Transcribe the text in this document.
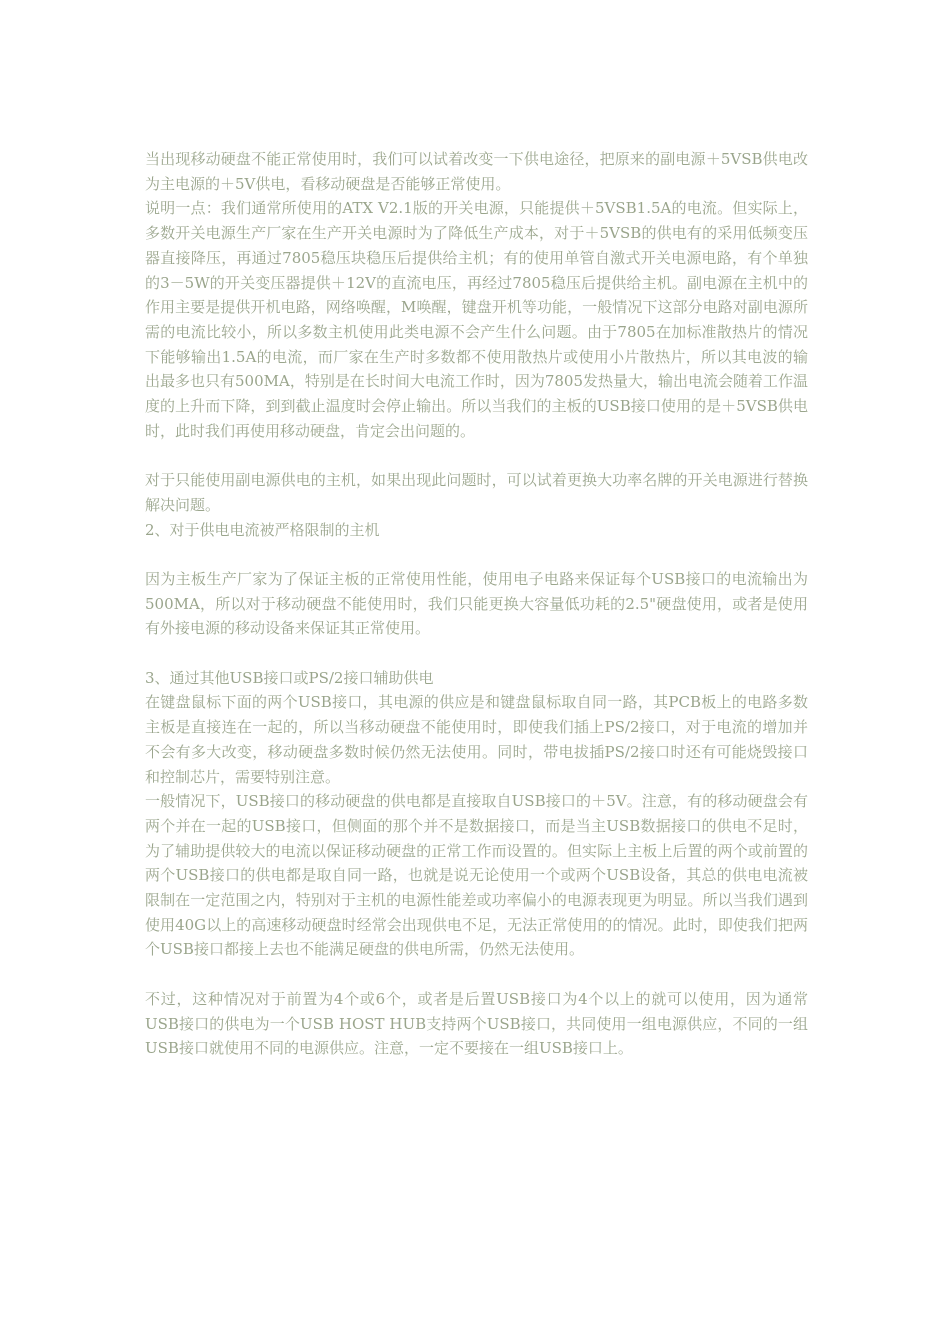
当出现移动硬盘不能正常使用时，我们可以试着改变一下供电途径，把原来的副电源＋5VSB供电改为主电源的＋5V供电，看移动硬盘是否能够正常使用。

说明一点：我们通常所使用的ATX V2.1版的开关电源，只能提供＋5VSB1.5A的电流。但实际上，多数开关电源生产厂家在生产开关电源时为了降低生产成本，对于＋5VSB的供电有的采用低频变压器直接降压，再通过7805稳压块稳压后提供给主机；有的使用单管自激式开关电源电路，有个单独的3－5W的开关变压器提供＋12V的直流电压，再经过7805稳压后提供给主机。副电源在主机中的作用主要是提供开机电路，网络唤醒，M唤醒，键盘开机等功能，一般情况下这部分电路对副电源所需的电流比较小，所以多数主机使用此类电源不会产生什么问题。由于7805在加标准散热片的情况下能够输出1.5A的电流，而厂家在生产时多数都不使用散热片或使用小片散热片，所以其电波的输出最多也只有500MA，特别是在长时间大电流工作时，因为7805发热量大，输出电流会随着工作温度的上升而下降，到到截止温度时会停止输出。所以当我们的主板的USB接口使用的是＋5VSB供电时，此时我们再使用移动硬盘，肯定会出问题的。

对于只能使用副电源供电的主机，如果出现此问题时，可以试着更换大功率名牌的开关电源进行替换解决问题。

2、对于供电电流被严格限制的主机

因为主板生产厂家为了保证主板的正常使用性能，使用电子电路来保证每个USB接口的电流输出为500MA，所以对于移动硬盘不能使用时，我们只能更换大容量低功耗的2.5"硬盘使用，或者是使用有外接电源的移动设备来保证其正常使用。

3、通过其他USB接口或PS/2接口辅助供电

在键盘鼠标下面的两个USB接口，其电源的供应是和键盘鼠标取自同一路，其PCB板上的电路多数主板是直接连在一起的，所以当移动硬盘不能使用时，即使我们插上PS/2接口，对于电流的增加并不会有多大改变，移动硬盘多数时候仍然无法使用。同时，带电拔插PS/2接口时还有可能烧毁接口和控制芯片，需要特别注意。

一般情况下，USB接口的移动硬盘的供电都是直接取自USB接口的＋5V。注意，有的移动硬盘会有两个并在一起的USB接口，但侧面的那个并不是数据接口，而是当主USB数据接口的供电不足时，为了辅助提供较大的电流以保证移动硬盘的正常工作而设置的。但实际上主板上后置的两个或前置的两个USB接口的供电都是取自同一路，也就是说无论使用一个或两个USB设备，其总的供电电流被限制在一定范围之内，特别对于主机的电源性能差或功率偏小的电源表现更为明显。所以当我们遇到使用40G以上的高速移动硬盘时经常会出现供电不足，无法正常使用的的情况。此时，即使我们把两个USB接口都接上去也不能满足硬盘的供电所需，仍然无法使用。

不过，这种情况对于前置为4个或6个，或者是后置USB接口为4个以上的就可以使用，因为通常USB接口的供电为一个USB HOST HUB支持两个USB接口，共同使用一组电源供应，不同的一组USB接口就使用不同的电源供应。注意，一定不要接在一组USB接口上。
